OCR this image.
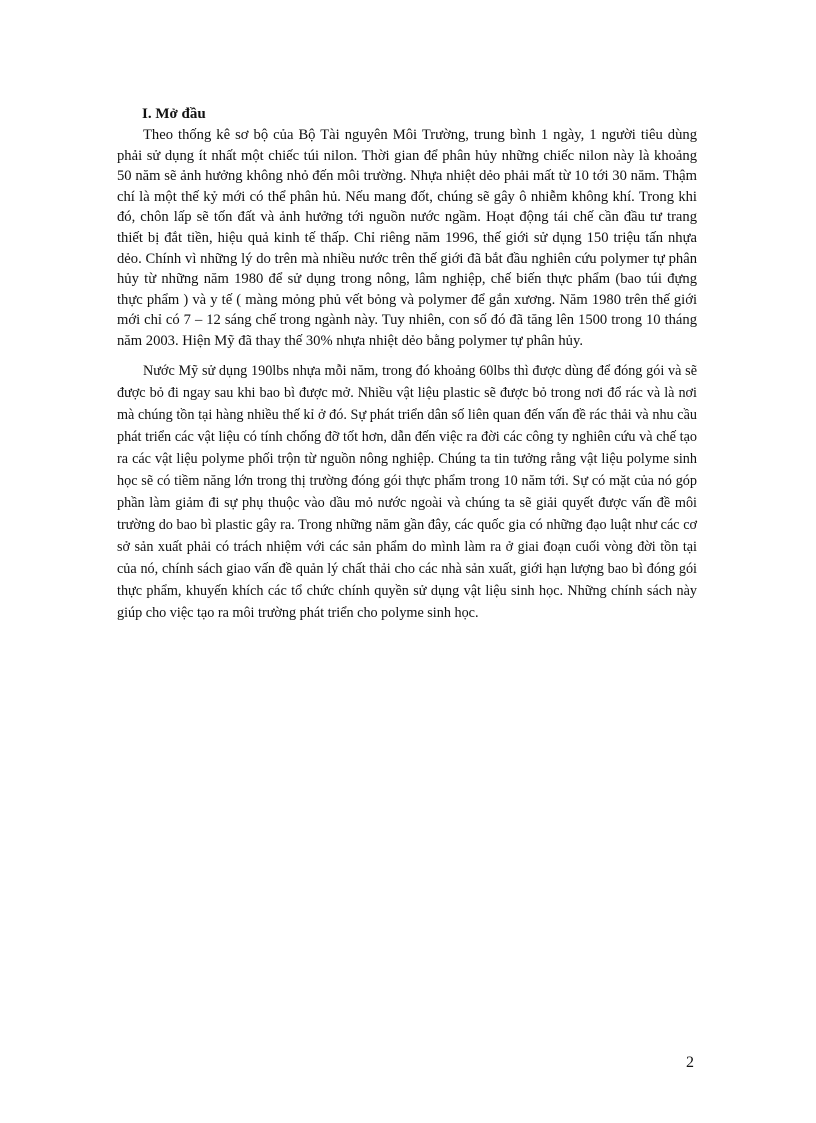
I. Mở đầu

Theo thống kê sơ bộ của Bộ Tài nguyên Môi Trường, trung bình 1 ngày, 1 người tiêu dùng phải sử dụng ít nhất một chiếc túi nilon. Thời gian để phân hủy những chiếc nilon này là khoảng 50 năm sẽ ảnh hưởng không nhỏ đến môi trường. Nhựa nhiệt dẻo phải mất từ 10 tới 30 năm. Thậm chí là một thế kỷ mới có thể phân hủ. Nếu mang đốt, chúng sẽ gây ô nhiễm không khí. Trong khi đó, chôn lấp sẽ tốn đất và ảnh hưởng tới nguồn nước ngầm. Hoạt động tái chế cần đầu tư trang thiết bị đắt tiền, hiệu quả kinh tế thấp. Chỉ riêng năm 1996, thế giới sử dụng 150 triệu tấn nhựa dẻo. Chính vì những lý do trên mà nhiều nước trên thế giới đã bắt đầu nghiên cứu polymer tự phân hủy từ những năm 1980 để sử dụng trong nông, lâm nghiệp, chế biến thực phẩm (bao túi đựng thực phẩm ) và y tế ( màng mỏng phủ vết bỏng và polymer để gắn xương. Năm 1980 trên thế giới mới chỉ có 7 – 12 sáng chế trong ngành này. Tuy nhiên, con số đó đã tăng lên 1500 trong 10 tháng năm 2003. Hiện Mỹ đã thay thế 30% nhựa nhiệt dẻo bằng polymer tự phân hủy.

Nước Mỹ sử dụng 190lbs nhựa mỗi năm, trong đó khoảng 60lbs thì được dùng để đóng gói và sẽ được bỏ đi ngay sau khi bao bì được mở. Nhiều vật liệu plastic sẽ được bỏ trong nơi đổ rác và là nơi mà chúng tồn tại hàng nhiều thế kỉ ở đó. Sự phát triển dân số liên quan đến vấn đề rác thải và nhu cầu phát triển các vật liệu có tính chống đỡ tốt hơn, dẫn đến việc ra đời các công ty nghiên cứu và chế tạo ra các vật liệu polyme phối trộn từ nguồn nông nghiệp. Chúng ta tin tưởng rằng vật liệu polyme sinh học sẽ có tiềm năng lớn trong thị trường đóng gói thực phẩm trong 10 năm tới. Sự có mặt của nó góp phần làm giảm đi sự phụ thuộc vào dầu mỏ nước ngoài và chúng ta sẽ giải quyết được vấn đề môi trường do bao bì plastic gây ra. Trong những năm gần đây, các quốc gia có những đạo luật như các cơ sở sản xuất phải có trách nhiệm với các sản phẩm do mình làm ra ở giai đoạn cuối vòng đời tồn tại của nó, chính sách giao vấn đề quản lý chất thải cho các nhà sản xuất, giới hạn lượng bao bì đóng gói thực phẩm, khuyến khích các tổ chức chính quyền sử dụng vật liệu sinh học. Những chính sách này giúp cho việc tạo ra môi trường phát triển cho polyme sinh học.

2
